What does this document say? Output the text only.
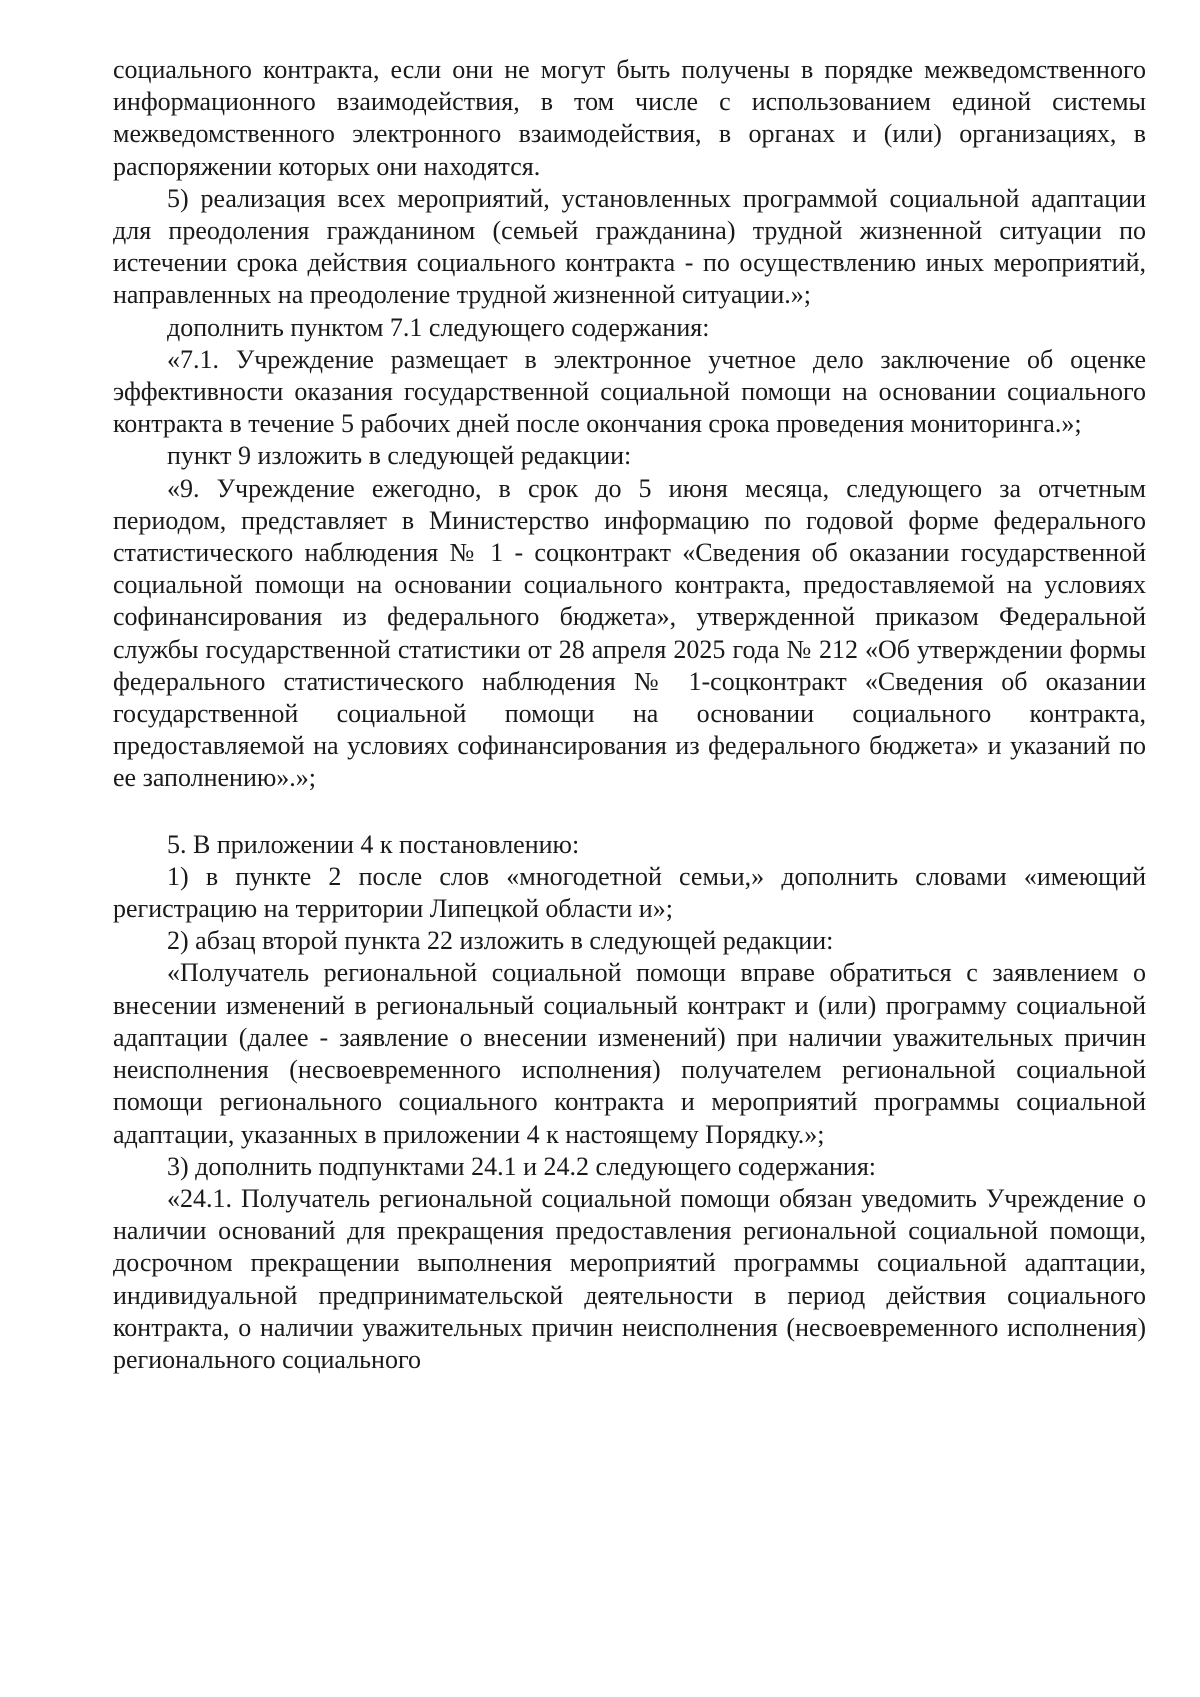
социального контракта, если они не могут быть получены в порядке межведомственного информационного взаимодействия, в том числе с использованием единой системы межведомственного электронного взаимодействия, в органах и (или) организациях, в распоряжении которых они находятся.

5) реализация всех мероприятий, установленных программой социальной адаптации для преодоления гражданином (семьей гражданина) трудной жизненной ситуации по истечении срока действия социального контракта - по осуществлению иных мероприятий, направленных на преодоление трудной жизненной ситуации.»;

дополнить пунктом 7.1 следующего содержания:

«7.1. Учреждение размещает в электронное учетное дело заключение об оценке эффективности оказания государственной социальной помощи на основании социального контракта в течение 5 рабочих дней после окончания срока проведения мониторинга.»;

пункт 9 изложить в следующей редакции:

«9. Учреждение ежегодно, в срок до 5 июня месяца, следующего за отчетным периодом, представляет в Министерство информацию по годовой форме федерального статистического наблюдения № 1 - соцконтракт «Сведения об оказании государственной социальной помощи на основании социального контракта, предоставляемой на условиях софинансирования из федерального бюджета», утвержденной приказом Федеральной службы государственной статистики от 28 апреля 2025 года № 212 «Об утверждении формы федерального статистического наблюдения № 1-соцконтракт «Сведения об оказании государственной социальной помощи на основании социального контракта, предоставляемой на условиях софинансирования из федерального бюджета» и указаний по ее заполнению».»;

5. В приложении 4 к постановлению:

1) в пункте 2 после слов «многодетной семьи,» дополнить словами «имеющий регистрацию на территории Липецкой области и»;

2) абзац второй пункта 22 изложить в следующей редакции:

«Получатель региональной социальной помощи вправе обратиться с заявлением о внесении изменений в региональный социальный контракт и (или) программу социальной адаптации (далее - заявление о внесении изменений) при наличии уважительных причин неисполнения (несвоевременного исполнения) получателем региональной социальной помощи регионального социального контракта и мероприятий программы социальной адаптации, указанных в приложении 4 к настоящему Порядку.»;

3) дополнить подпунктами 24.1 и 24.2 следующего содержания:

«24.1. Получатель региональной социальной помощи обязан уведомить Учреждение о наличии оснований для прекращения предоставления региональной социальной помощи, досрочном прекращении выполнения мероприятий программы социальной адаптации, индивидуальной предпринимательской деятельности в период действия социального контракта, о наличии уважительных причин неисполнения (несвоевременного исполнения) регионального социального
